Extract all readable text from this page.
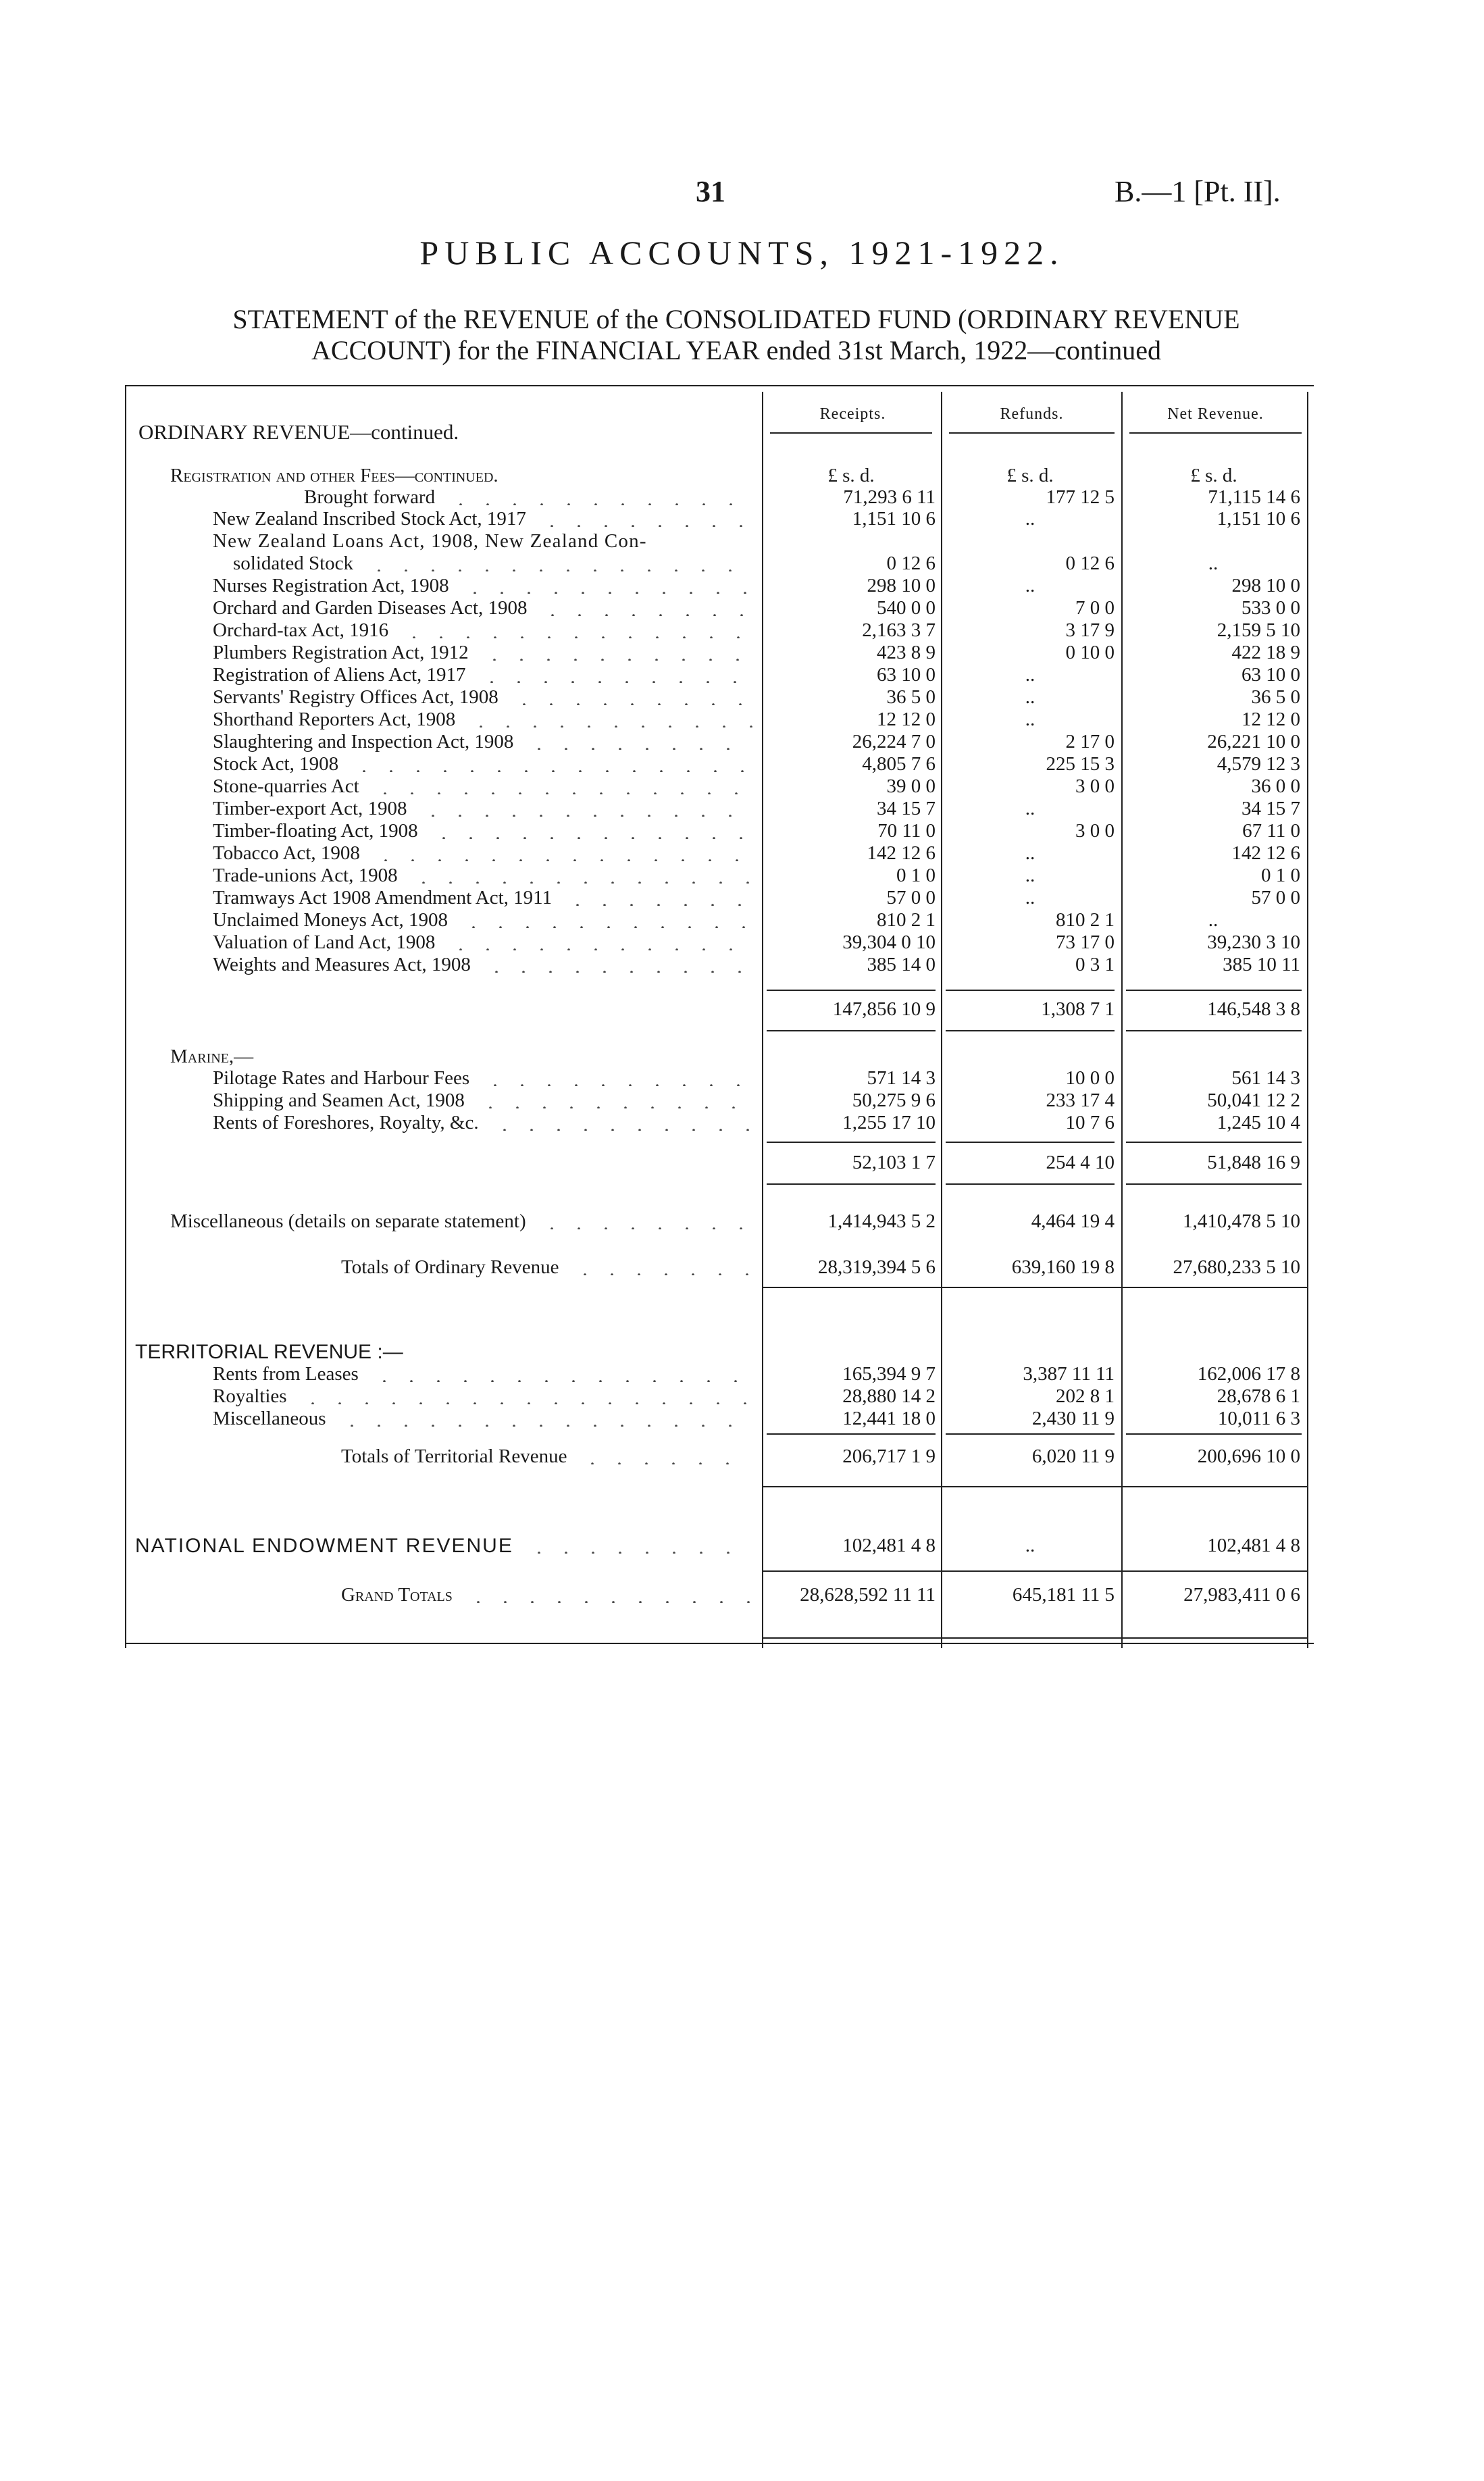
31	B.—1 [Pt. II].
PUBLIC ACCOUNTS, 1921-1922.
STATEMENT of the REVENUE of the CONSOLIDATED FUND (ORDINARY REVENUE
ACCOUNT) for the FINANCIAL YEAR ended 31st March, 1922—continued
Receipts.	Refunds.	Net Revenue.
ORDINARY REVENUE—continued.
Registration and other Fees—continued.	£ s. d.	£ s. d.	£ s. d.
Brought forward	71,293 6 11	177 12 5	71,115 14 6
New Zealand Inscribed Stock Act, 1917	1,151 10 6	..	1,151 10 6
New Zealand Loans Act, 1908, New Zealand Con-
solidated Stock	0 12 6	0 12 6	..
Nurses Registration Act, 1908	298 10 0	..	298 10 0
Orchard and Garden Diseases Act, 1908	540 0 0	7 0 0	533 0 0
Orchard-tax Act, 1916	2,163 3 7	3 17 9	2,159 5 10
Plumbers Registration Act, 1912	423 8 9	0 10 0	422 18 9
Registration of Aliens Act, 1917	63 10 0	..	63 10 0
Servants' Registry Offices Act, 1908	36 5 0	..	36 5 0
Shorthand Reporters Act, 1908	12 12 0	..	12 12 0
Slaughtering and Inspection Act, 1908	26,224 7 0	2 17 0	26,221 10 0
Stock Act, 1908	4,805 7 6	225 15 3	4,579 12 3
Stone-quarries Act	39 0 0	3 0 0	36 0 0
Timber-export Act, 1908	34 15 7	..	34 15 7
Timber-floating Act, 1908	70 11 0	3 0 0	67 11 0
Tobacco Act, 1908	142 12 6	..	142 12 6
Trade-unions Act, 1908	0 1 0	..	0 1 0
Tramways Act 1908 Amendment Act, 1911	57 0 0	..	57 0 0
Unclaimed Moneys Act, 1908	810 2 1	810 2 1	..
Valuation of Land Act, 1908	39,304 0 10	73 17 0	39,230 3 10
Weights and Measures Act, 1908	385 14 0	0 3 1	385 10 11
147,856 10 9	1,308 7 1	146,548 3 8
Marine,—
Pilotage Rates and Harbour Fees	571 14 3	10 0 0	561 14 3
Shipping and Seamen Act, 1908	50,275 9 6	233 17 4	50,041 12 2
Rents of Foreshores, Royalty, &c.	1,255 17 10	10 7 6	1,245 10 4
52,103 1 7	254 4 10	51,848 16 9
Miscellaneous (details on separate statement)	1,414,943 5 2	4,464 19 4	1,410,478 5 10
Totals of Ordinary Revenue	28,319,394 5 6	639,160 19 8	27,680,233 5 10
TERRITORIAL REVENUE :—
Rents from Leases	165,394 9 7	3,387 11 11	162,006 17 8
Royalties	28,880 14 2	202 8 1	28,678 6 1
Miscellaneous	12,441 18 0	2,430 11 9	10,011 6 3
Totals of Territorial Revenue	206,717 1 9	6,020 11 9	200,696 10 0
NATIONAL ENDOWMENT REVENUE	102,481 4 8	..	102,481 4 8
Grand Totals	28,628,592 11 11	645,181 11 5	27,983,411 0 6
